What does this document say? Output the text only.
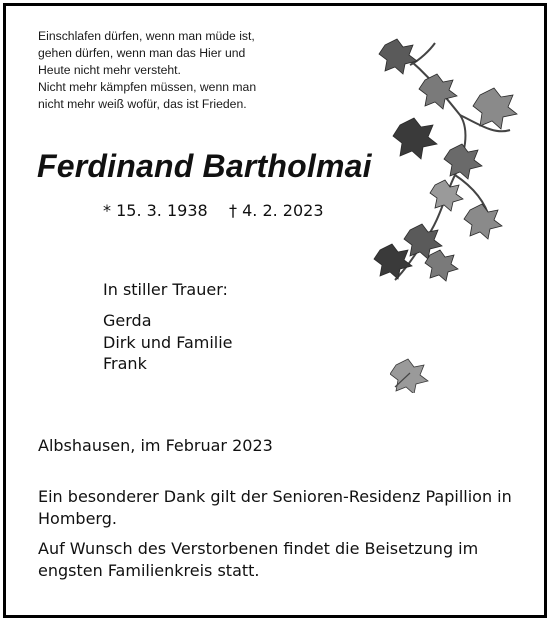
Einschlafen dürfen, wenn man müde ist,
gehen dürfen, wenn man das Hier und
Heute nicht mehr versteht.
Nicht mehr kämpfen müssen, wenn man
nicht mehr weiß wofür, das ist Frieden.
Ferdinand Bartholmai
* 15. 3. 1938 † 4. 2. 2023
In stiller Trauer:
Gerda
Dirk und Familie
Frank
Albshausen, im Februar 2023
Ein besonderer Dank gilt der Senioren-Residenz Papillion in
Homberg.
Auf Wunsch des Verstorbenen findet die Beisetzung im
engsten Familienkreis statt.
